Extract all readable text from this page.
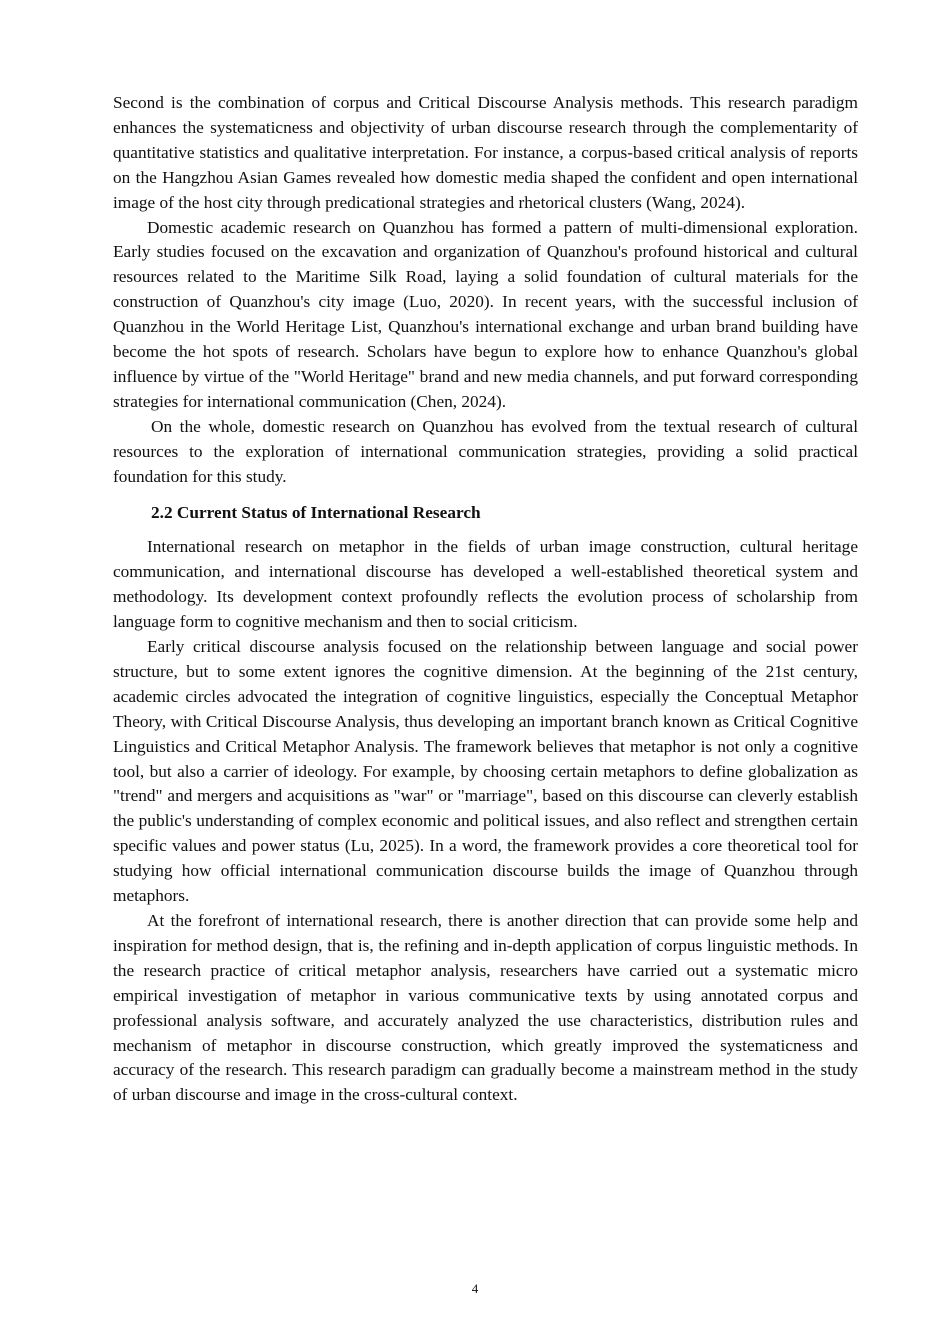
Second is the combination of corpus and Critical Discourse Analysis methods. This research paradigm enhances the systematicness and objectivity of urban discourse research through the complementarity of quantitative statistics and qualitative interpretation. For instance, a corpus-based critical analysis of reports on the Hangzhou Asian Games revealed how domestic media shaped the confident and open international image of the host city through predicational strategies and rhetorical clusters (Wang, 2024).

Domestic academic research on Quanzhou has formed a pattern of multi-dimensional exploration. Early studies focused on the excavation and organization of Quanzhou's profound historical and cultural resources related to the Maritime Silk Road, laying a solid foundation of cultural materials for the construction of Quanzhou's city image (Luo, 2020). In recent years, with the successful inclusion of Quanzhou in the World Heritage List, Quanzhou's international exchange and urban brand building have become the hot spots of research. Scholars have begun to explore how to enhance Quanzhou's global influence by virtue of the "World Heritage" brand and new media channels, and put forward corresponding strategies for international communication (Chen, 2024).

On the whole, domestic research on Quanzhou has evolved from the textual research of cultural resources to the exploration of international communication strategies, providing a solid practical foundation for this study.

2.2 Current Status of International Research

International research on metaphor in the fields of urban image construction, cultural heritage communication, and international discourse has developed a well-established theoretical system and methodology. Its development context profoundly reflects the evolution process of scholarship from language form to cognitive mechanism and then to social criticism.

Early critical discourse analysis focused on the relationship between language and social power structure, but to some extent ignores the cognitive dimension. At the beginning of the 21st century, academic circles advocated the integration of cognitive linguistics, especially the Conceptual Metaphor Theory, with Critical Discourse Analysis, thus developing an important branch known as Critical Cognitive Linguistics and Critical Metaphor Analysis. The framework believes that metaphor is not only a cognitive tool, but also a carrier of ideology. For example, by choosing certain metaphors to define globalization as "trend" and mergers and acquisitions as "war" or "marriage", based on this discourse can cleverly establish the public's understanding of complex economic and political issues, and also reflect and strengthen certain specific values and power status (Lu, 2025). In a word, the framework provides a core theoretical tool for studying how official international communication discourse builds the image of Quanzhou through metaphors.

At the forefront of international research, there is another direction that can provide some help and inspiration for method design, that is, the refining and in-depth application of corpus linguistic methods. In the research practice of critical metaphor analysis, researchers have carried out a systematic micro empirical investigation of metaphor in various communicative texts by using annotated corpus and professional analysis software, and accurately analyzed the use characteristics, distribution rules and mechanism of metaphor in discourse construction, which greatly improved the systematicness and accuracy of the research. This research paradigm can gradually become a mainstream method in the study of urban discourse and image in the cross-cultural context.

4
